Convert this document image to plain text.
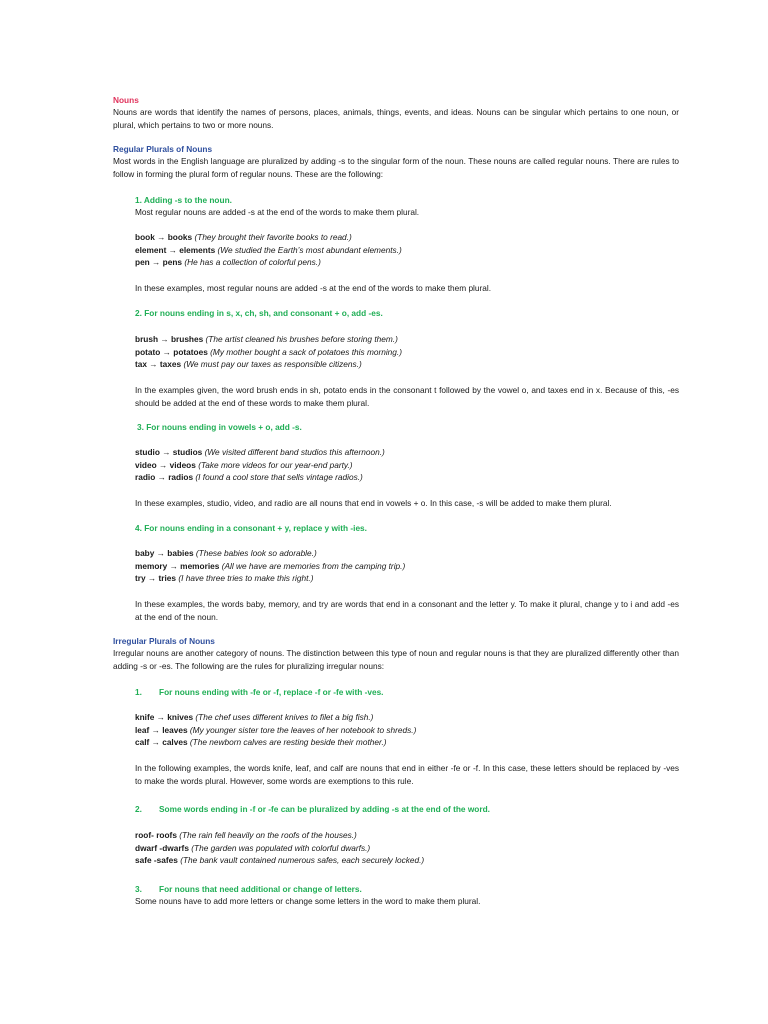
Nouns
Nouns are words that identify the names of persons, places, animals, things, events, and ideas. Nouns can be singular which pertains to one noun, or plural, which pertains to two or more nouns.
Regular Plurals of Nouns
Most words in the English language are pluralized by adding -s to the singular form of the noun. These nouns are called regular nouns. There are rules to follow in forming the plural form of regular nouns. These are the following:
1. Adding -s to the noun.
Most regular nouns are added -s at the end of the words to make them plural.
book → books (They brought their favorite books to read.)
element → elements (We studied the Earth’s most abundant elements.)
pen → pens (He has a collection of colorful pens.)
In these examples, most regular nouns are added -s at the end of the words to make them plural.
2. For nouns ending in s, x, ch, sh, and consonant + o, add -es.
brush → brushes (The artist cleaned his brushes before storing them.)
potato → potatoes (My mother bought a sack of potatoes this morning.)
tax → taxes (We must pay our taxes as responsible citizens.)
In the examples given, the word brush ends in sh, potato ends in the consonant t followed by the vowel o, and taxes end in x. Because of this, -es should be added at the end of these words to make them plural.
3. For nouns ending in vowels + o, add -s.
studio → studios (We visited different band studios this afternoon.)
video → videos (Take more videos for our year-end party.)
radio → radios (I found a cool store that sells vintage radios.)
In these examples, studio, video, and radio are all nouns that end in vowels + o. In this case, -s will be added to make them plural.
4. For nouns ending in a consonant + y, replace y with -ies.
baby → babies (These babies look so adorable.)
memory → memories (All we have are memories from the camping trip.)
try → tries (I have three tries to make this right.)
In these examples, the words baby, memory, and try are words that end in a consonant and the letter y. To make it plural, change y to i and add -es at the end of the noun.
Irregular Plurals of Nouns
Irregular nouns are another category of nouns. The distinction between this type of noun and regular nouns is that they are pluralized differently other than adding -s or -es. The following are the rules for pluralizing irregular nouns:
1. For nouns ending with -fe or -f, replace -f or -fe with -ves.
knife → knives (The chef uses different knives to filet a big fish.)
leaf → leaves (My younger sister tore the leaves of her notebook to shreds.)
calf → calves (The newborn calves are resting beside their mother.)
In the following examples, the words knife, leaf, and calf are nouns that end in either -fe or -f. In this case, these letters should be replaced by -ves to make the words plural. However, some words are exemptions to this rule.
2. Some words ending in -f or -fe can be pluralized by adding -s at the end of the word.
roof- roofs (The rain fell heavily on the roofs of the houses.)
dwarf -dwarfs (The garden was populated with colorful dwarfs.)
safe -safes (The bank vault contained numerous safes, each securely locked.)
3. For nouns that need additional or change of letters.
Some nouns have to add more letters or change some letters in the word to make them plural.
